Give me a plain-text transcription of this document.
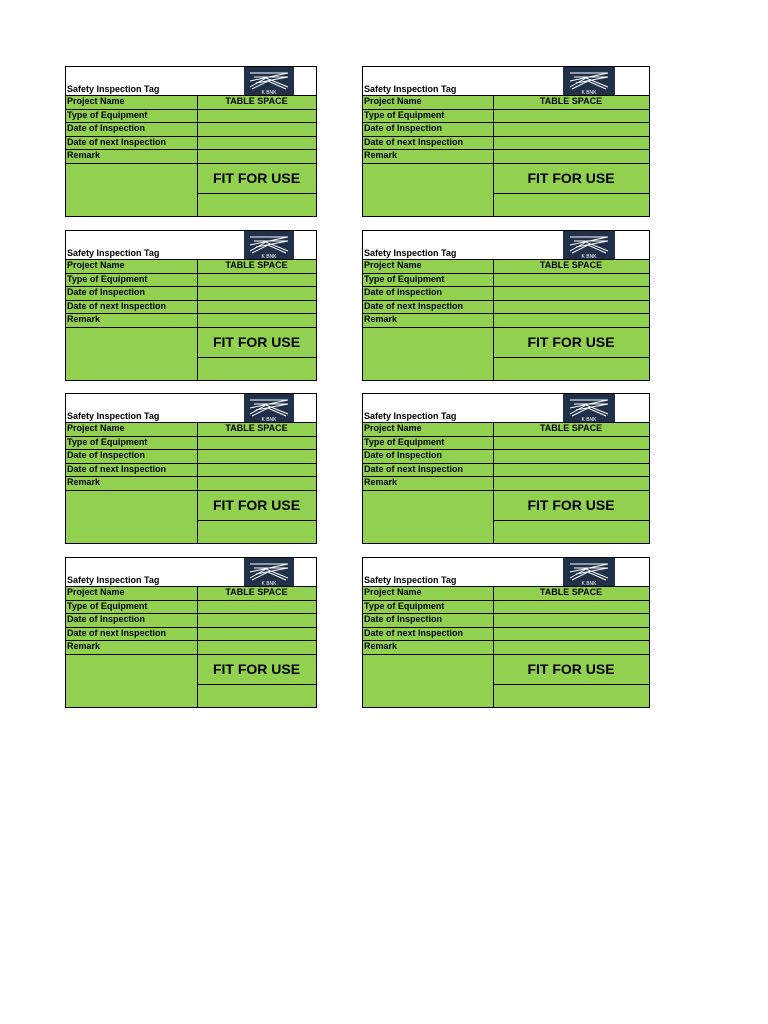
Safety Inspection Tag	K BNK
Project Name	TABLE SPACE
Type of Equipment
Date of Inspection
Date of next Inspection
Remark
FIT FOR USE
Safety Inspection Tag	K BNK
Project Name	TABLE SPACE
Type of Equipment
Date of Inspection
Date of next Inspection
Remark
FIT FOR USE
Safety Inspection Tag	K BNK
Project Name	TABLE SPACE
Type of Equipment
Date of Inspection
Date of next Inspection
Remark
FIT FOR USE
Safety Inspection Tag	K BNK
Project Name	TABLE SPACE
Type of Equipment
Date of Inspection
Date of next Inspection
Remark
FIT FOR USE
Safety Inspection Tag	K BNK
Project Name	TABLE SPACE
Type of Equipment
Date of Inspection
Date of next Inspection
Remark
FIT FOR USE
Safety Inspection Tag	K BNK
Project Name	TABLE SPACE
Type of Equipment
Date of Inspection
Date of next Inspection
Remark
FIT FOR USE
Safety Inspection Tag	K BNK
Project Name	TABLE SPACE
Type of Equipment
Date of Inspection
Date of next Inspection
Remark
FIT FOR USE
Safety Inspection Tag	K BNK
Project Name	TABLE SPACE
Type of Equipment
Date of Inspection
Date of next Inspection
Remark
FIT FOR USE
